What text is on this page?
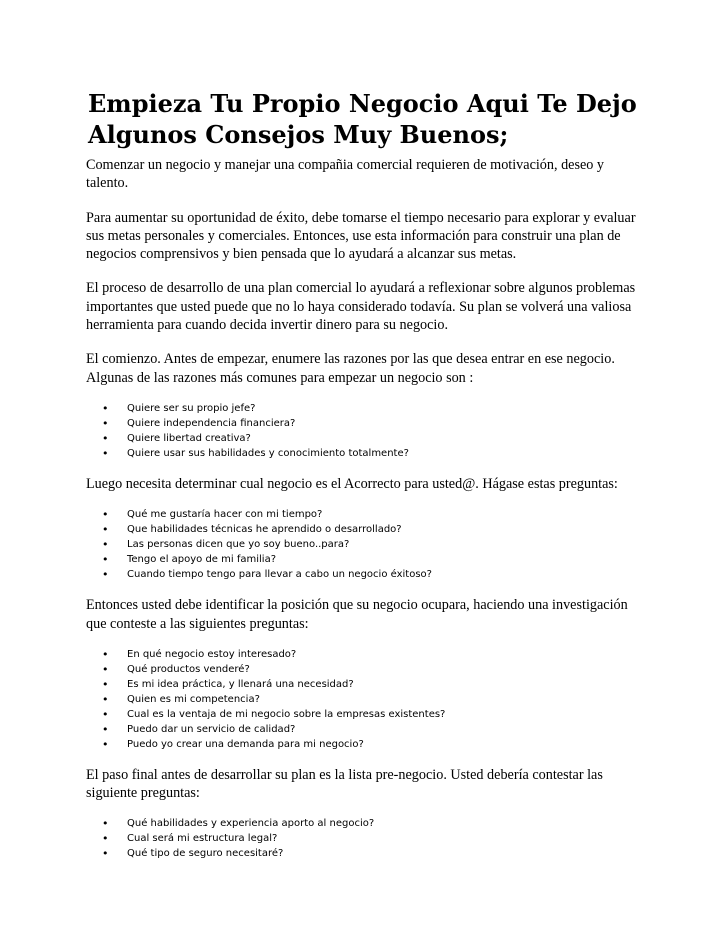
Empieza Tu Propio Negocio Aqui Te Dejo Algunos Consejos Muy Buenos;

Comenzar un negocio y manejar una compañia comercial requieren de motivación, deseo y talento.

Para aumentar su oportunidad de éxito, debe tomarse el tiempo necesario para explorar y evaluar sus metas personales y comerciales. Entonces, use esta información para construir una plan de negocios comprensivos y bien pensada que lo ayudará a alcanzar sus metas.

El proceso de desarrollo de una plan comercial lo ayudará a reflexionar sobre algunos problemas importantes que usted puede que no lo haya considerado todavía. Su plan se volverá una valiosa herramienta para cuando decida invertir dinero para su negocio.

El comienzo. Antes de empezar, enumere las razones por las que desea entrar en ese negocio. Algunas de las razones más comunes para empezar un negocio son :

• Quiere ser su propio jefe?
• Quiere independencia financiera?
• Quiere libertad creativa?
• Quiere usar sus habilidades y conocimiento totalmente?

Luego necesita determinar cual negocio es el Acorrecto para usted@. Hágase estas preguntas:

• Qué me gustaría hacer con mi tiempo?
• Que habilidades técnicas he aprendido o desarrollado?
• Las personas dicen que yo soy bueno..para?
• Tengo el apoyo de mi familia?
• Cuando tiempo tengo para llevar a cabo un negocio éxitoso?

Entonces usted debe identificar la posición que su negocio ocupara, haciendo una investigación que conteste a las siguientes preguntas:

• En qué negocio estoy interesado?
• Qué productos venderé?
• Es mi idea práctica, y llenará una necesidad?
• Quien es mi competencia?
• Cual es la ventaja de mi negocio sobre la empresas existentes?
• Puedo dar un servicio de calidad?
• Puedo yo crear una demanda para mi negocio?

El paso final antes de desarrollar su plan es la lista pre-negocio. Usted debería contestar las siguiente preguntas:

• Qué habilidades y experiencia aporto al negocio?
• Cual será mi estructura legal?
• Qué tipo de seguro necesitaré?
